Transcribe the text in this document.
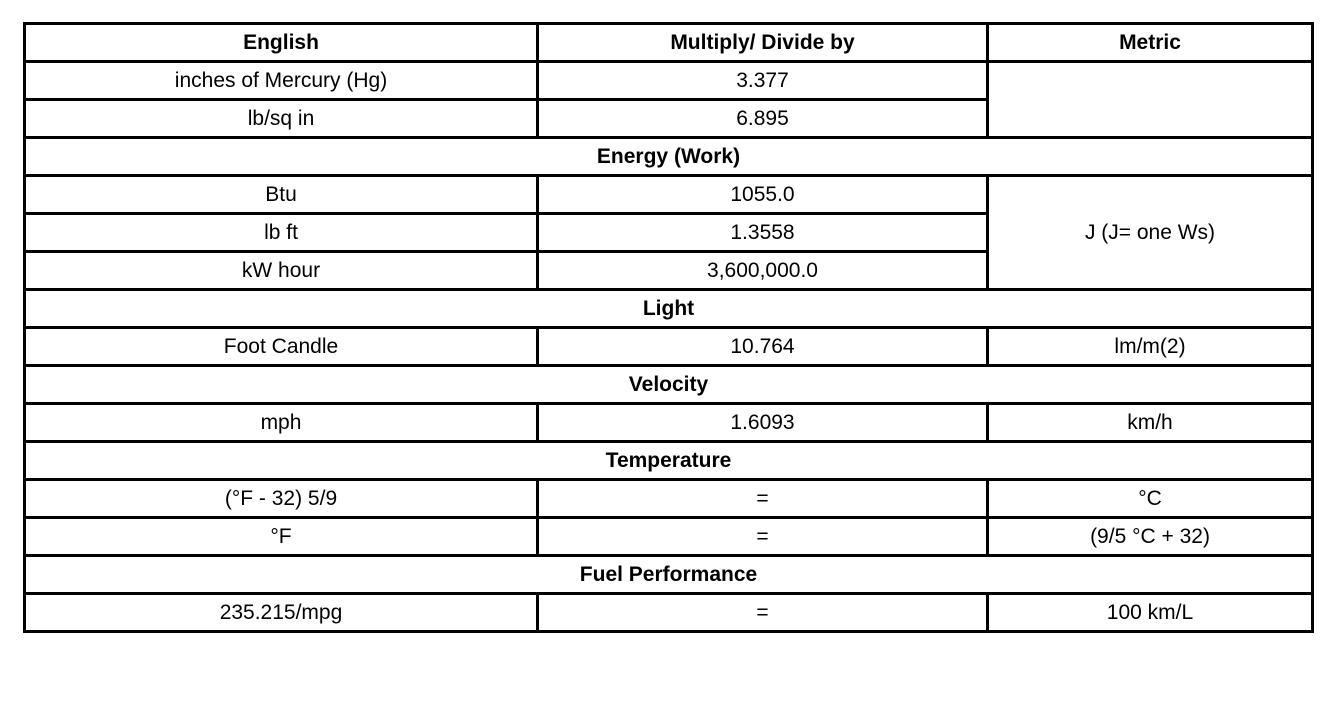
English	Multiply/ Divide by	Metric
inches of Mercury (Hg)	3.377	
lb/sq in	6.895	
Energy (Work)		
Btu	1055.0	J (J= one Ws)
lb ft	1.3558	
kW hour	3,600,000.0	
Light		
Foot Candle	10.764	lm/m(2)
Velocity		
mph	1.6093	km/h
Temperature		
(°F - 32) 5/9	=	°C
°F	=	(9/5 °C + 32)
Fuel Performance		
235.215/mpg	=	100 km/L
